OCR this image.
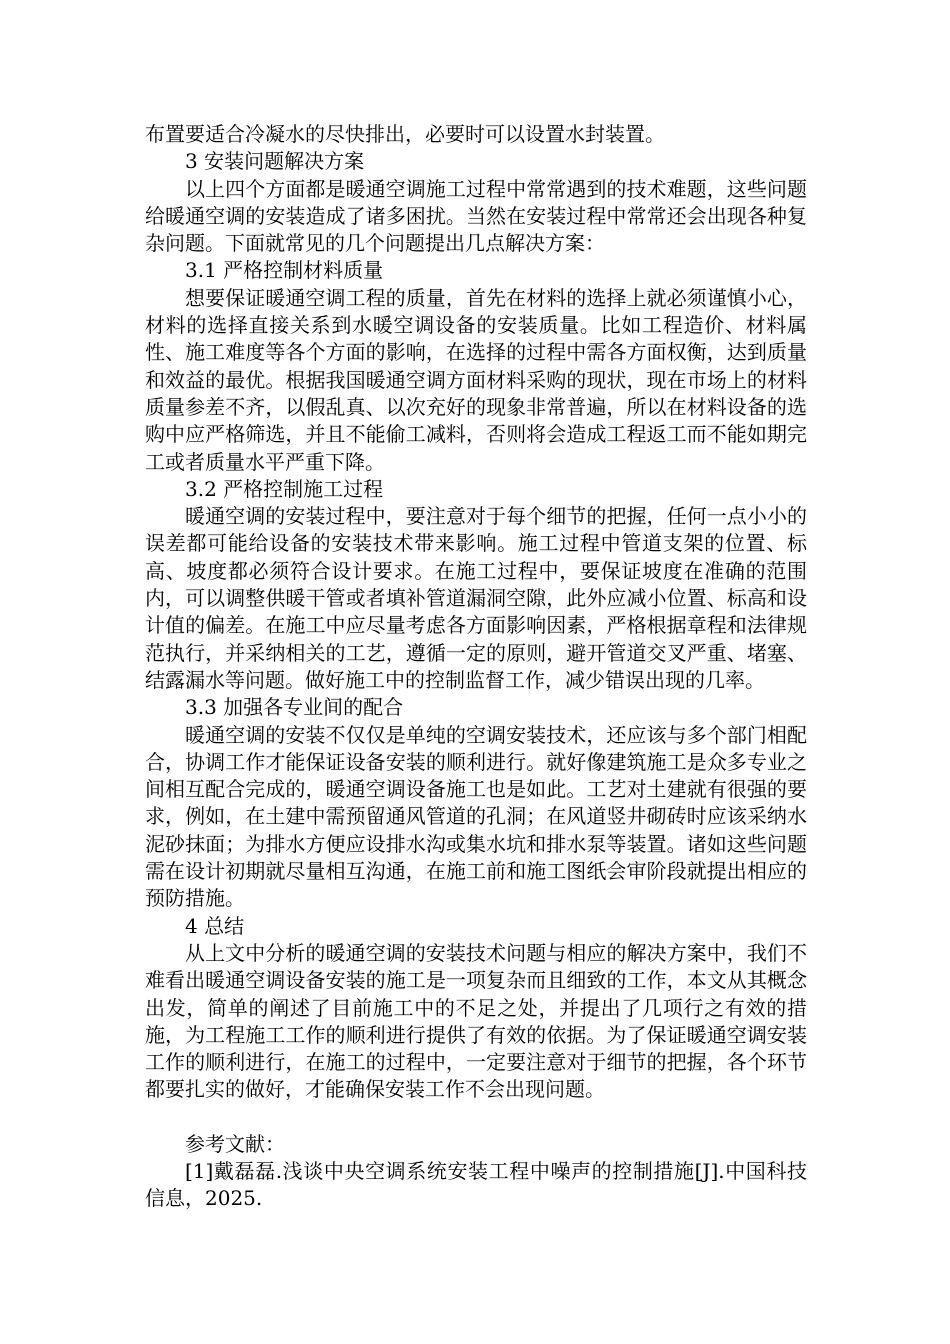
布置要适合冷凝水的尽快排出，必要时可以设置水封装置。

3 安装问题解决方案

以上四个方面都是暖通空调施工过程中常常遇到的技术难题，这些问题给暖通空调的安装造成了诸多困扰。当然在安装过程中常常还会出现各种复杂问题。下面就常见的几个问题提出几点解决方案：

3.1 严格控制材料质量

想要保证暖通空调工程的质量，首先在材料的选择上就必须谨慎小心，材料的选择直接关系到水暖空调设备的安装质量。比如工程造价、材料属性、施工难度等各个方面的影响，在选择的过程中需各方面权衡，达到质量和效益的最优。根据我国暖通空调方面材料采购的现状，现在市场上的材料质量参差不齐，以假乱真、以次充好的现象非常普遍，所以在材料设备的选购中应严格筛选，并且不能偷工减料，否则将会造成工程返工而不能如期完工或者质量水平严重下降。

3.2 严格控制施工过程

暖通空调的安装过程中，要注意对于每个细节的把握，任何一点小小的误差都可能给设备的安装技术带来影响。施工过程中管道支架的位置、标高、坡度都必须符合设计要求。在施工过程中，要保证坡度在准确的范围内，可以调整供暖干管或者填补管道漏洞空隙，此外应减小位置、标高和设计值的偏差。在施工中应尽量考虑各方面影响因素，严格根据章程和法律规范执行，并采纳相关的工艺，遵循一定的原则，避开管道交叉严重、堵塞、结露漏水等问题。做好施工中的控制监督工作，减少错误出现的几率。

3.3 加强各专业间的配合

暖通空调的安装不仅仅是单纯的空调安装技术，还应该与多个部门相配合，协调工作才能保证设备安装的顺利进行。就好像建筑施工是众多专业之间相互配合完成的，暖通空调设备施工也是如此。工艺对土建就有很强的要求，例如，在土建中需预留通风管道的孔洞；在风道竖井砌砖时应该采纳水泥砂抹面；为排水方便应设排水沟或集水坑和排水泵等装置。诸如这些问题需在设计初期就尽量相互沟通，在施工前和施工图纸会审阶段就提出相应的预防措施。

4 总结

从上文中分析的暖通空调的安装技术问题与相应的解决方案中，我们不难看出暖通空调设备安装的施工是一项复杂而且细致的工作，本文从其概念出发，简单的阐述了目前施工中的不足之处，并提出了几项行之有效的措施，为工程施工工作的顺利进行提供了有效的依据。为了保证暖通空调安装工作的顺利进行，在施工的过程中，一定要注意对于细节的把握，各个环节都要扎实的做好，才能确保安装工作不会出现问题。

参考文献：

[1]戴磊磊.浅谈中央空调系统安装工程中噪声的控制措施[J].中国科技信息，2025.
